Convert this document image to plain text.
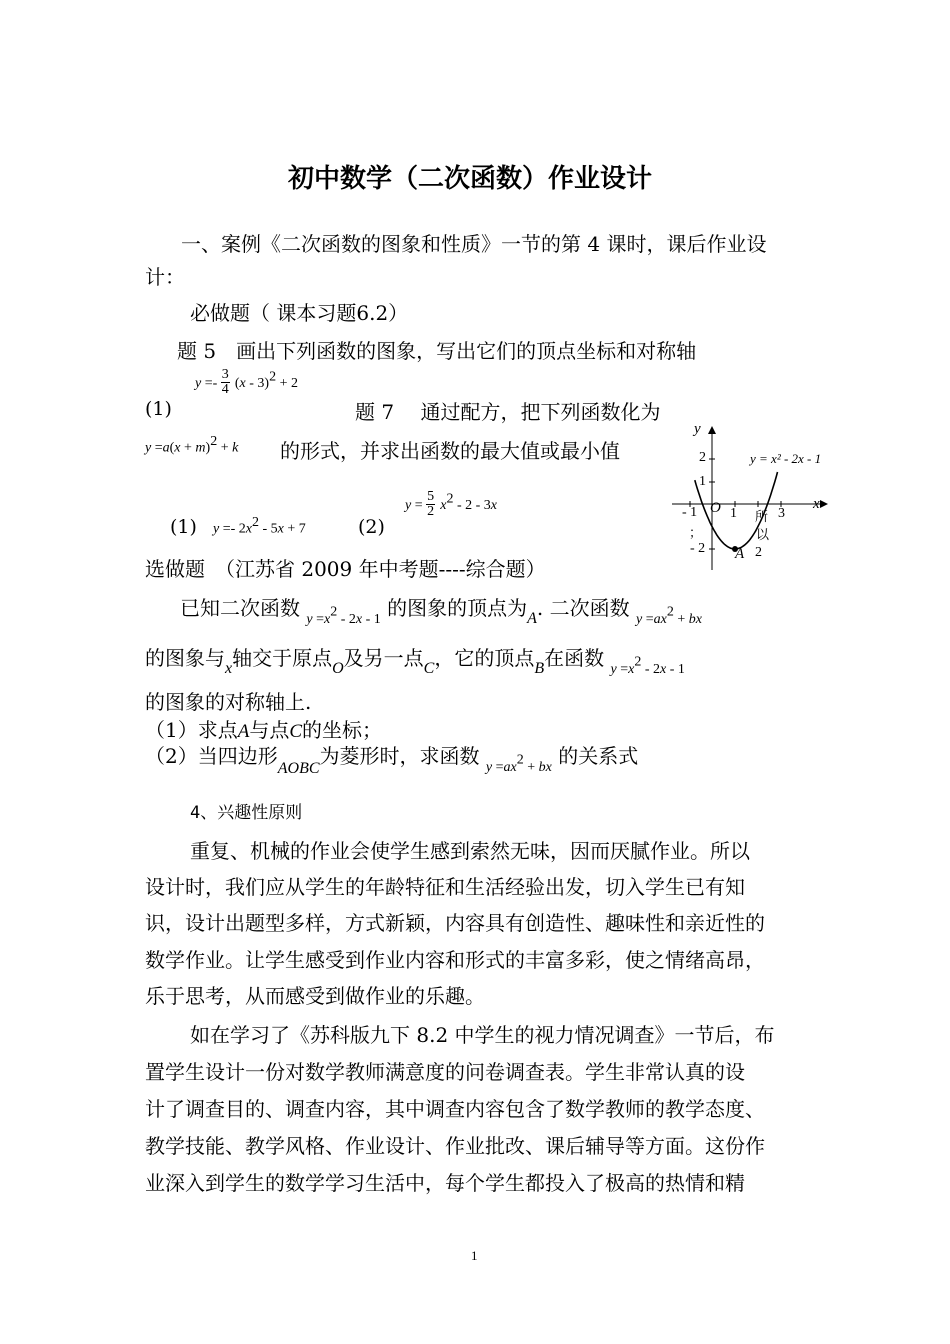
初中数学（二次函数）作业设计
一、案例《二次函数的图象和性质》一节的第 4 课时，课后作业设
计：
必做题（ 课本习题6.2）
题 5　画出下列函数的图象，写出它们的顶点坐标和对称轴
(1)
$y =- \frac{3}{4} (x - 3)^2 + 2$
题 7　 通过配方，把下列函数化为
$y =a(x + m)^2 + k$ 的形式，并求出函数的最大值或最小值
(1) $y =- 2x^2 - 5x + 7$	(2)
$y = \frac{5}{2} x^2 - 2 - 3x$
y
x
O
y = x² - 2x - 1
2
1
- 2
- 1 1	3
所
以
；
A 2
选做题　（江苏省 2009 年中考题----综合题）
已知二次函数 $y =x^2 - 2x - 1$ 的图象的顶点为$_A$. 二次函数 $y =ax^2$ + bx
的图象与$_x$轴交于原点$_O$及另一点$_C$，它的顶点$_B$在函数 $y =x^2 - 2x - 1$
的图象的对称轴上.
（1）求点A与点C的坐标；
（2）当四边形$_{AOBC}$为菱形时，求函数 $y =ax^2$ + bx 的关系式
4、兴趣性原则
重复、机械的作业会使学生感到索然无味，因而厌腻作业。所以
设计时，我们应从学生的年龄特征和生活经验出发，切入学生已有知
识，设计出题型多样，方式新颖，内容具有创造性、趣味性和亲近性的
数学作业。让学生感受到作业内容和形式的丰富多彩，使之情绪高昂，
乐于思考，从而感受到做作业的乐趣。
如在学习了《苏科版九下 8.2 中学生的视力情况调查》一节后，布
置学生设计一份对数学教师满意度的问卷调查表。学生非常认真的设
计了调查目的、调查内容，其中调查内容包含了数学教师的教学态度、
教学技能、教学风格、作业设计、作业批改、课后辅导等方面。这份作
业深入到学生的数学学习生活中，每个学生都投入了极高的热情和精
1
